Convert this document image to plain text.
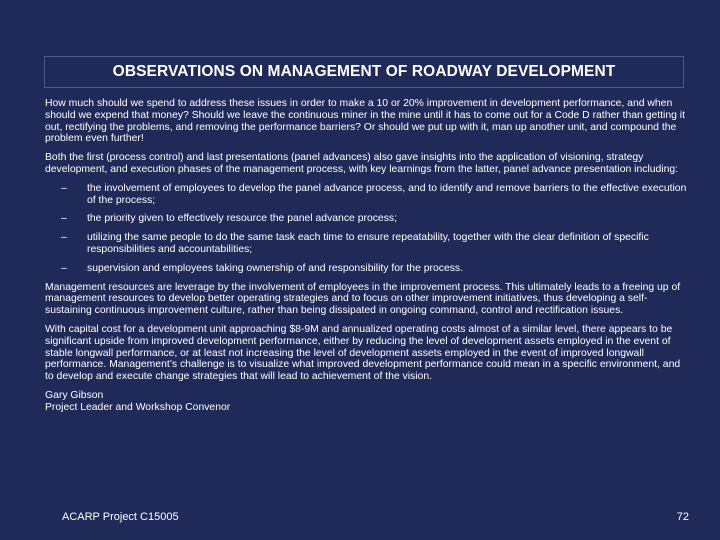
OBSERVATIONS ON MANAGEMENT OF ROADWAY DEVELOPMENT

How much should we spend to address these issues in order to make a 10 or 20% improvement in development performance, and when should we expend that money? Should we leave the continuous miner in the mine until it has to come out for a Code D rather than getting it out, rectifying the problems, and removing the performance barriers? Or should we put up with it, man up another unit, and compound the problem even further!

Both the first (process control) and last presentations (panel advances) also gave insights into the application of visioning, strategy development, and execution phases of the management process, with key learnings from the latter, panel advance presentation including:

– the involvement of employees to develop the panel advance process, and to identify and remove barriers to the effective execution of the process;
– the priority given to effectively resource the panel advance process;
– utilizing the same people to do the same task each time to ensure repeatability, together with the clear definition of specific responsibilities and accountabilities;
– supervision and employees taking ownership of and responsibility for the process.

Management resources are leverage by the involvement of employees in the improvement process. This ultimately leads to a freeing up of management resources to develop better operating strategies and to focus on other improvement initiatives, thus developing a self-sustaining continuous improvement culture, rather than being dissipated in ongoing command, control and rectification issues.

With capital cost for a development unit approaching $8-9M and annualized operating costs almost of a similar level, there appears to be significant upside from improved development performance, either by reducing the level of development assets employed in the event of stable longwall performance, or at least not increasing the level of development assets employed in the event of improved longwall performance. Management’s challenge is to visualize what improved development performance could mean in a specific environment, and to develop and execute change strategies that will lead to achievement of the vision.

Gary Gibson
Project Leader and Workshop Convenor
ACARP Project C15005	72
